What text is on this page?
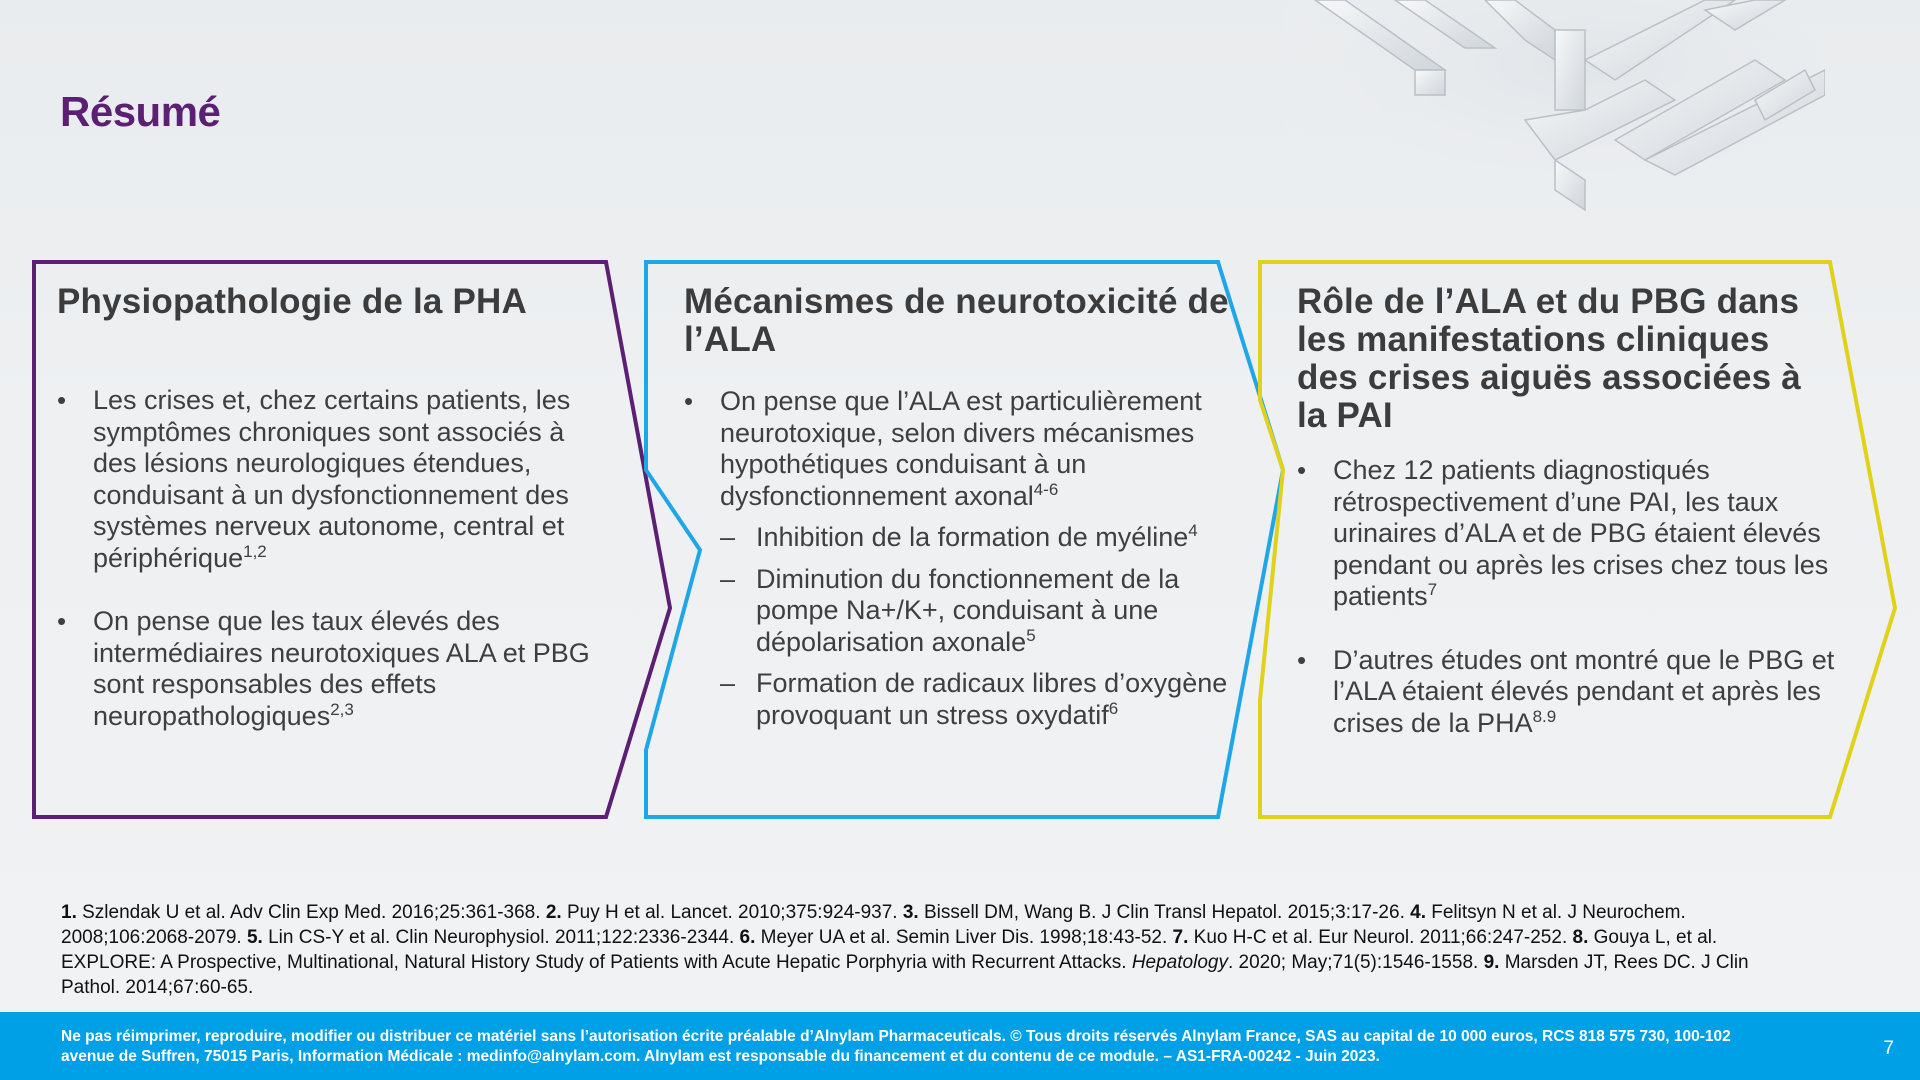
Résumé
Physiopathologie de la PHA
• Les crises et, chez certains patients, les symptômes chroniques sont associés à des lésions neurologiques étendues, conduisant à un dysfonctionnement des systèmes nerveux autonome, central et périphérique$^{1,2}$
• On pense que les taux élevés des intermédiaires neurotoxiques ALA et PBG sont responsables des effets neuropathologiques$^{2,3}$
Mécanismes de neurotoxicité de l’ALA
• On pense que l’ALA est particulièrement neurotoxique, selon divers mécanismes hypothétiques conduisant à un dysfonctionnement axonal$^{4-6}$
– Inhibition de la formation de myéline$^4$
– Diminution du fonctionnement de la pompe Na+/K+, conduisant à une dépolarisation axonale$^5$
– Formation de radicaux libres d’oxygène provoquant un stress oxydatif$^6$
Rôle de l’ALA et du PBG dans les manifestations cliniques des crises aiguës associées à la PAI
• Chez 12 patients diagnostiqués rétrospectivement d’une PAI, les taux urinaires d’ALA et de PBG étaient élevés pendant ou après les crises chez tous les patients$^7$
• D’autres études ont montré que le PBG et l’ALA étaient élevés pendant et après les crises de la $PHA^{8.9}$

1. Szlendak U et al. Adv Clin Exp Med. 2016;25:361-368. 2. Puy H et al. Lancet. 2010;375:924-937. 3. Bissell DM, Wang B. J Clin Transl Hepatol. 2015;3:17-26. 4. Felitsyn N et al. J Neurochem. 2008;106:2068-2079. 5. Lin CS-Y et al. Clin Neurophysiol. 2011;122:2336-2344. 6. Meyer UA et al. Semin Liver Dis. 1998;18:43-52. 7. Kuo H-C et al. Eur Neurol. 2011;66:247-252. 8. Gouya L, et al. EXPLORE: A Prospective, Multinational, Natural History Study of Patients with Acute Hepatic Porphyria with Recurrent Attacks. Hepatology. 2020; May;71(5):1546-1558. 9. Marsden JT, Rees DC. J Clin Pathol. 2014;67:60-65.

Ne pas réimprimer, reproduire, modifier ou distribuer ce matériel sans l’autorisation écrite préalable d’Alnylam Pharmaceuticals. © Tous droits réservés Alnylam France, SAS au capital de 10 000 euros, RCS 818 575 730, 100-102 avenue de Suffren, 75015 Paris, Information Médicale : medinfo@alnylam.com. Alnylam est responsable du financement et du contenu de ce module. – AS1-FRA-00242 - Juin 2023.	7
